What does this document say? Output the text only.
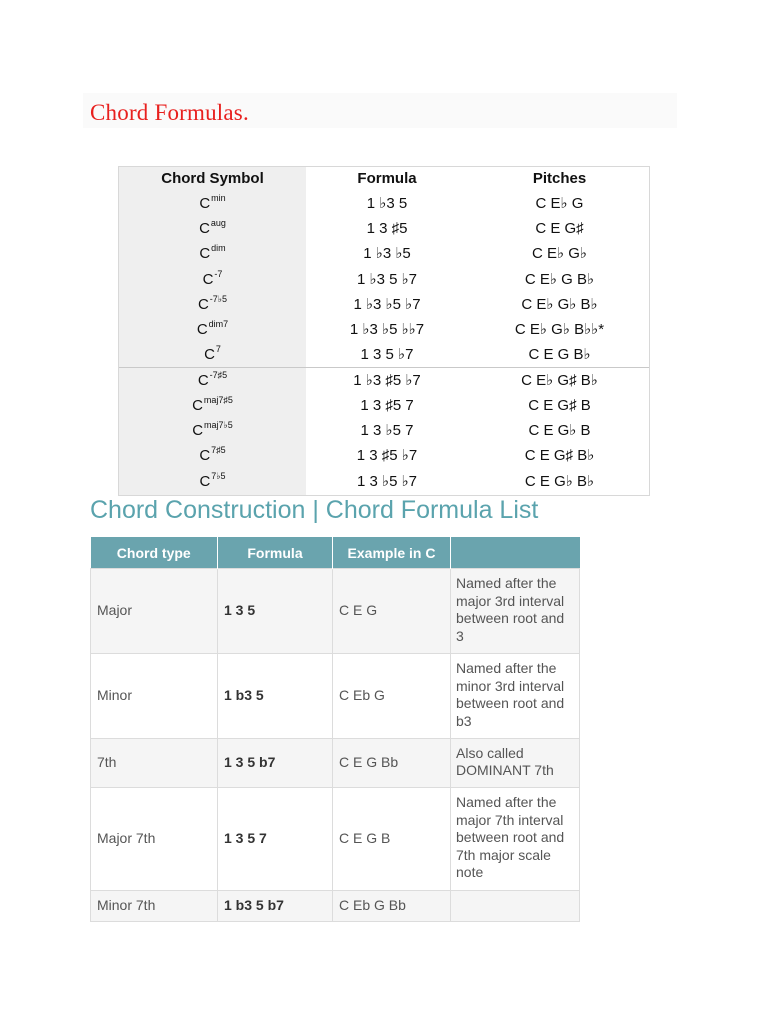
Chord Formulas.
Chord Symbol	Formula	Pitches
$C^{min}$	1 ♭3 5	C E♭ G
$C^{aug}$	1 3 ♯5	C E G♯
$C^{dim}$	1 ♭3 ♭5	C E♭ G♭
$C^{-7}$	1 ♭3 5 ♭7	C E♭ G B♭
$C^{-7♭5}$	1 ♭3 ♭5 ♭7	C E♭ G♭ B♭
$C^{dim7}$	1 ♭3 ♭5 ♭♭7	C E♭ G♭ B♭♭*
$C^7$	1 3 5 ♭7	C E G B♭
$C^{-7♯5}$	1 ♭3 ♯5 ♭7	C E♭ G♯ B♭
$C^{maj7♯5}$	1 3 ♯5 7	C E G♯ B
$C^{maj7♭5}$	1 3 ♭5 7	C E G♭ B
$C^{7♯5}$	1 3 ♯5 ♭7	C E G♯ B♭
$C^{7♭5}$	1 3 ♭5 ♭7	C E G♭ B♭
Chord Construction | Chord Formula List
Chord type	Formula	Example in C	
Major	1 3 5	C E G	Named after the major 3rd interval between root and 3
Minor	1 b3 5	C Eb G	Named after the minor 3rd interval between root and b3
7th	1 3 5 b7	C E G Bb	Also called DOMINANT 7th
Major 7th	1 3 5 7	C E G B	Named after the major 7th interval between root and 7th major scale note
Minor 7th	1 b3 5 b7	C Eb G Bb	
